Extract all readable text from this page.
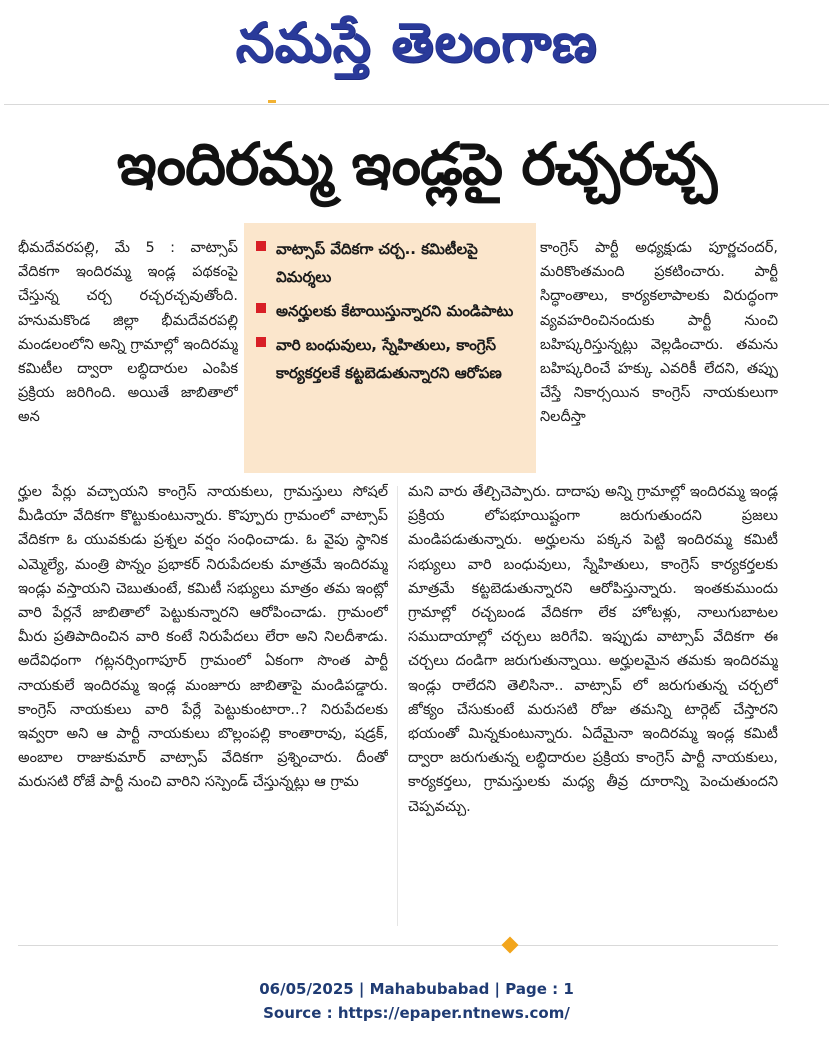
నమస్తే తెలంగాణ
ఇందిరమ్మ ఇండ్లపై రచ్చరచ్చ
భీమదేవరపల్లి, మే 5 : వాట్సాప్ వేదికగా ఇందిరమ్మ ఇండ్ల పథకంపై చేస్తున్న చర్చ రచ్చరచ్చవుతోంది. హనుమకొండ జిల్లా భీమదేవరపల్లి మండలంలోని అన్ని గ్రామాల్లో ఇందిరమ్మ కమిటీల ద్వారా లబ్ధిదారుల ఎంపిక ప్రక్రియ జరిగింది. అయితే జాబితాలో అన
వాట్సాప్ వేదికగా చర్చ.. కమిటీలపై విమర్శలు
అనర్హులకు కేటాయిస్తున్నారని మండిపాటు
వారి బంధువులు, స్నేహితులు, కాంగ్రెస్ కార్యకర్తలకే కట్టబెడుతున్నారని ఆరోపణ
కాంగ్రెస్ పార్టీ అధ్యక్షుడు పూర్ణచందర్, మరికొంతమంది ప్రకటించారు. పార్టీ సిద్ధాంతాలు, కార్యకలాపాలకు విరుద్ధంగా వ్యవహరించినందుకు పార్టీ నుంచి బహిష్కరిస్తున్నట్లు వెల్లడించారు. తమను బహిష్కరించే హక్కు ఎవరికీ లేదని, తప్పు చేస్తే నికార్సయిన కాంగ్రెస్ నాయకులుగా నిలదీస్తా
ర్హుల పేర్లు వచ్చాయని కాంగ్రెస్ నాయకులు, గ్రామస్తులు సోషల్ మీడియా వేదికగా కొట్టుకుంటున్నారు. కొప్పూరు గ్రామంలో వాట్సాప్ వేదికగా ఓ యువకుడు ప్రశ్నల వర్షం సంధించాడు. ఓ వైపు స్థానిక ఎమ్మెల్యే, మంత్రి పొన్నం ప్రభాకర్ నిరుపేదలకు మాత్రమే ఇందిరమ్మ ఇండ్లు వస్తాయని చెబుతుంటే, కమిటీ సభ్యులు మాత్రం తమ ఇంట్లో వారి పేర్లనే జాబితాలో పెట్టుకున్నారని ఆరోపించాడు. గ్రామంలో మీరు ప్రతిపాదించిన వారి కంటే నిరుపేదలు లేరా అని నిలదీశాడు. అదేవిధంగా గట్లనర్సింగాపూర్ గ్రామంలో ఏకంగా సొంత పార్టీ నాయకులే ఇందిరమ్మ ఇండ్ల మంజూరు జాబితాపై మండిపడ్డారు. కాంగ్రెస్ నాయకులు వారి పేర్లే పెట్టుకుంటారా..? నిరుపేదలకు ఇవ్వరా అని ఆ పార్టీ నాయకులు బొల్లంపల్లి కాంతారావు, షడ్రక్, అంబాల రాజుకుమార్ వాట్సాప్ వేదికగా ప్రశ్నించారు. దీంతో మరుసటి రోజే పార్టీ నుంచి వారిని సస్పెండ్ చేస్తున్నట్లు ఆ గ్రామ
మని వారు తేల్చిచెప్పారు. దాదాపు అన్ని గ్రామాల్లో ఇందిరమ్మ ఇండ్ల ప్రక్రియ లోపభూయిష్టంగా జరుగుతుందని ప్రజలు మండిపడుతున్నారు. అర్హులను పక్కన పెట్టి ఇందిరమ్మ కమిటీ సభ్యులు వారి బంధువులు, స్నేహితులు, కాంగ్రెస్ కార్యకర్తలకు మాత్రమే కట్టబెడుతున్నారని ఆరోపిస్తున్నారు. ఇంతకుముందు గ్రామాల్లో రచ్చబండ వేదికగా లేక హోటళ్లు, నాలుగుబాటల సముదాయాల్లో చర్చలు జరిగేవి. ఇప్పుడు వాట్సాప్ వేదికగా ఈ చర్చలు దండిగా జరుగుతున్నాయి. అర్హులమైన తమకు ఇందిరమ్మ ఇండ్లు రాలేదని తెలిసినా.. వాట్సాప్ లో జరుగుతున్న చర్చలో జోక్యం చేసుకుంటే మరుసటి రోజు తమన్ని టార్గెట్ చేస్తారని భయంతో మిన్నకుంటున్నారు. ఏదేమైనా ఇందిరమ్మ ఇండ్ల కమిటీ ద్వారా జరుగుతున్న లబ్ధిదారుల ప్రక్రియ కాంగ్రెస్ పార్టీ నాయకులు, కార్యకర్తలు, గ్రామస్తులకు మధ్య తీవ్ర దూరాన్ని పెంచుతుందని చెప్పవచ్చు.
06/05/2025 | Mahabubabad | Page : 1
Source : https://epaper.ntnews.com/
